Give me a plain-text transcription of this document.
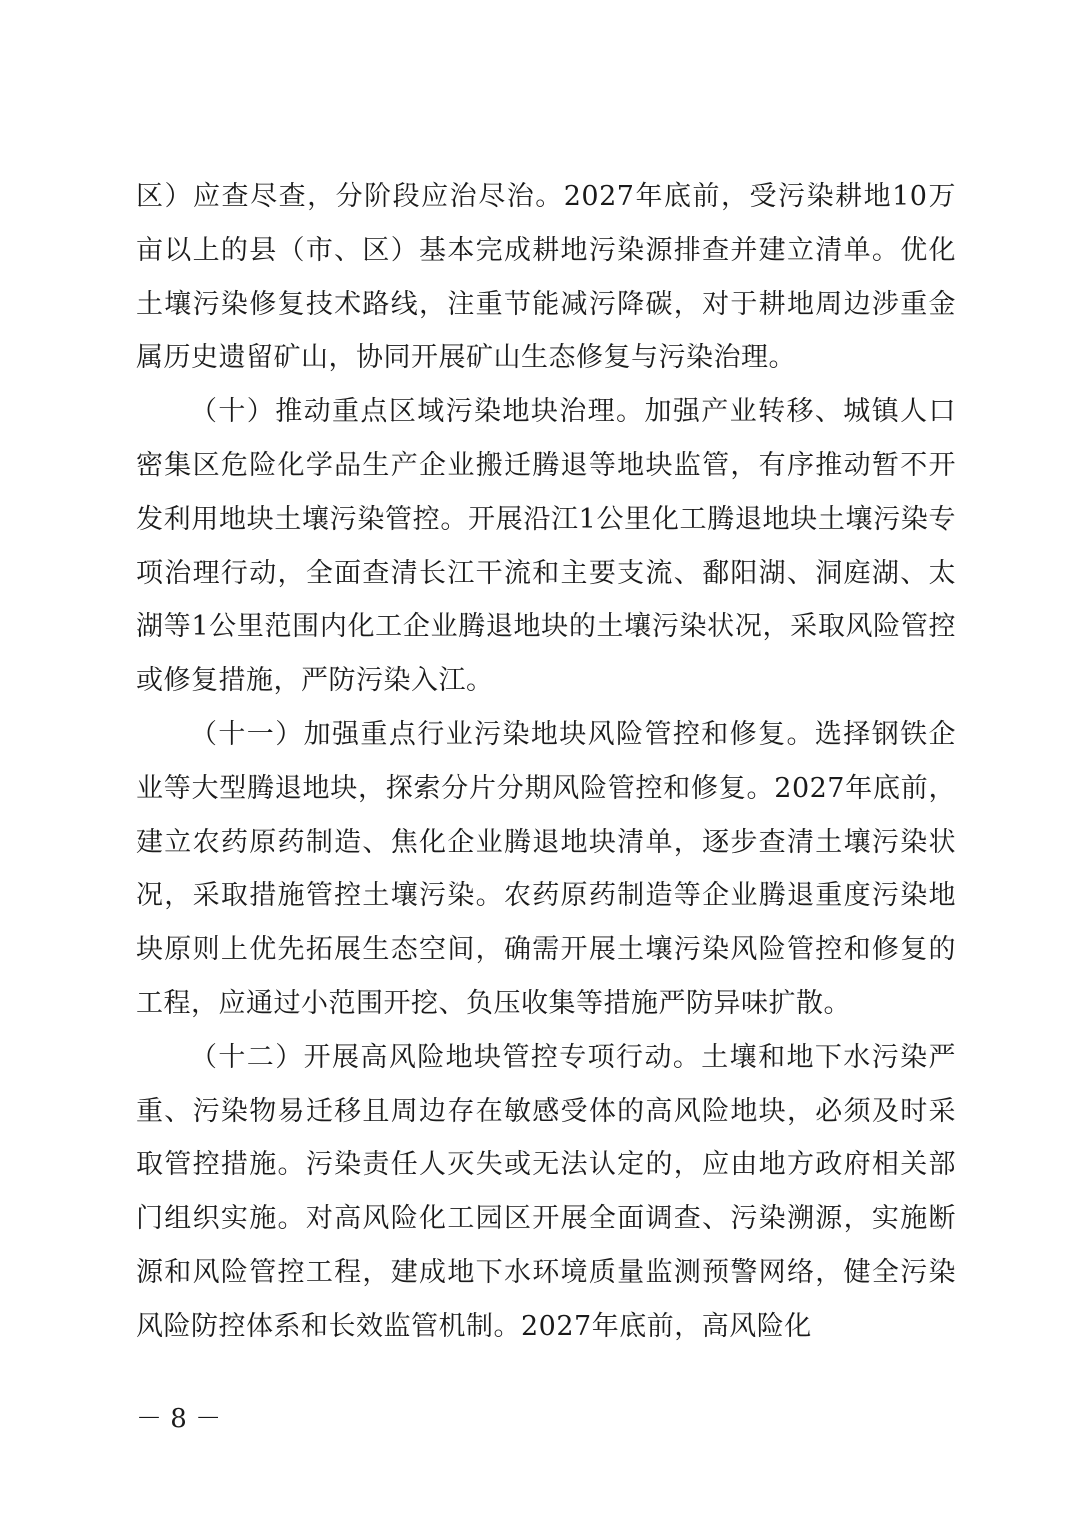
区）应查尽查，分阶段应治尽治。2027年底前，受污染耕地10万亩以上的县（市、区）基本完成耕地污染源排查并建立清单。优化土壤污染修复技术路线，注重节能减污降碳，对于耕地周边涉重金属历史遗留矿山，协同开展矿山生态修复与污染治理。

（十）推动重点区域污染地块治理。加强产业转移、城镇人口密集区危险化学品生产企业搬迁腾退等地块监管，有序推动暂不开发利用地块土壤污染管控。开展沿江1公里化工腾退地块土壤污染专项治理行动，全面查清长江干流和主要支流、鄱阳湖、洞庭湖、太湖等1公里范围内化工企业腾退地块的土壤污染状况，采取风险管控或修复措施，严防污染入江。

（十一）加强重点行业污染地块风险管控和修复。选择钢铁企业等大型腾退地块，探索分片分期风险管控和修复。2027年底前，建立农药原药制造、焦化企业腾退地块清单，逐步查清土壤污染状况，采取措施管控土壤污染。农药原药制造等企业腾退重度污染地块原则上优先拓展生态空间，确需开展土壤污染风险管控和修复的工程，应通过小范围开挖、负压收集等措施严防异味扩散。

（十二）开展高风险地块管控专项行动。土壤和地下水污染严重、污染物易迁移且周边存在敏感受体的高风险地块，必须及时采取管控措施。污染责任人灭失或无法认定的，应由地方政府相关部门组织实施。对高风险化工园区开展全面调查、污染溯源，实施断源和风险管控工程，建成地下水环境质量监测预警网络，健全污染风险防控体系和长效监管机制。2027年底前，高风险化

－ 8 －
